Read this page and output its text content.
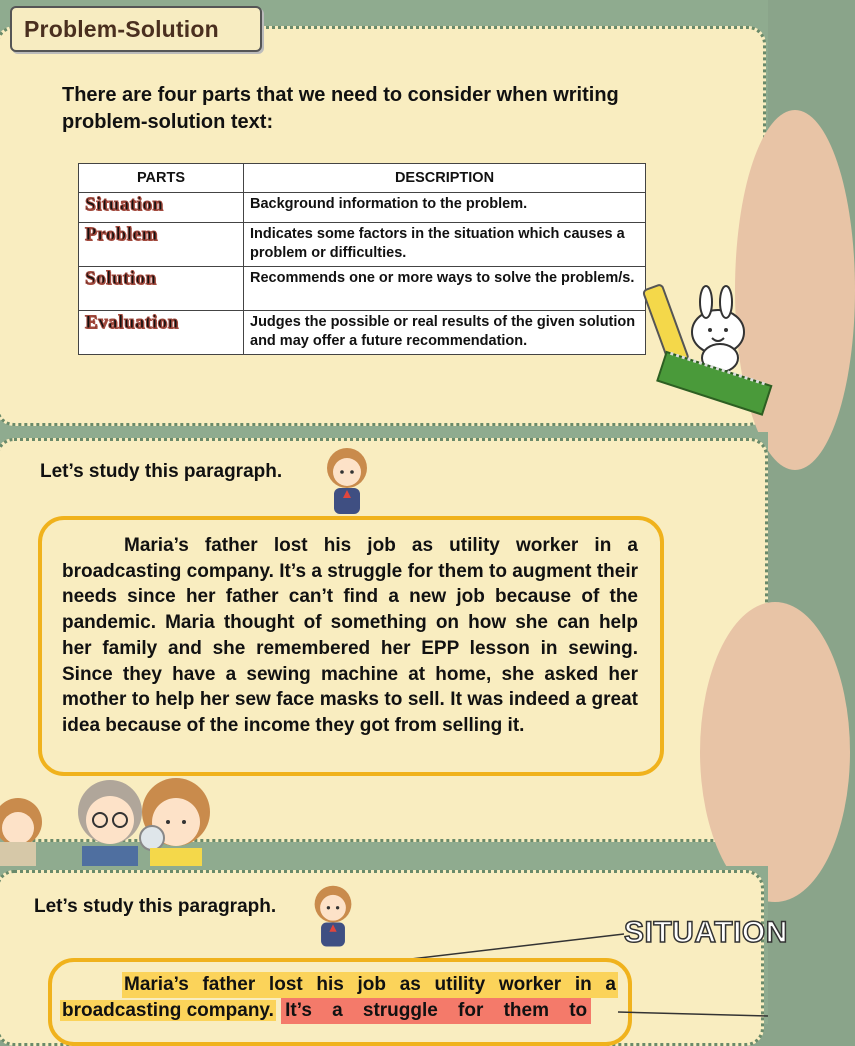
Problem-Solution
There are four parts that we need to consider when writing problem-solution text:
PARTS	DESCRIPTION
Situation	Background information to the problem.
Problem	Indicates some factors in the situation which causes a problem or difficulties.
Solution	Recommends one or more ways to solve the problem/s.
Evaluation	Judges the possible or real results of the given solution and may offer a future recommendation.
Let’s study this paragraph.
Maria’s father lost his job as utility worker in a broadcasting company. It’s a struggle for them to augment their needs since her father can’t find a new job because of the pandemic. Maria thought of something on how she can help her family and she remembered her EPP lesson in sewing. Since they have a sewing machine at home, she asked her mother to help her sew face masks to sell. It was indeed a great idea because of the income they got from selling it.
Let’s study this paragraph.
SITUATION
Maria’s father lost his job as utility worker in a
broadcasting company. It’s a struggle for them to
